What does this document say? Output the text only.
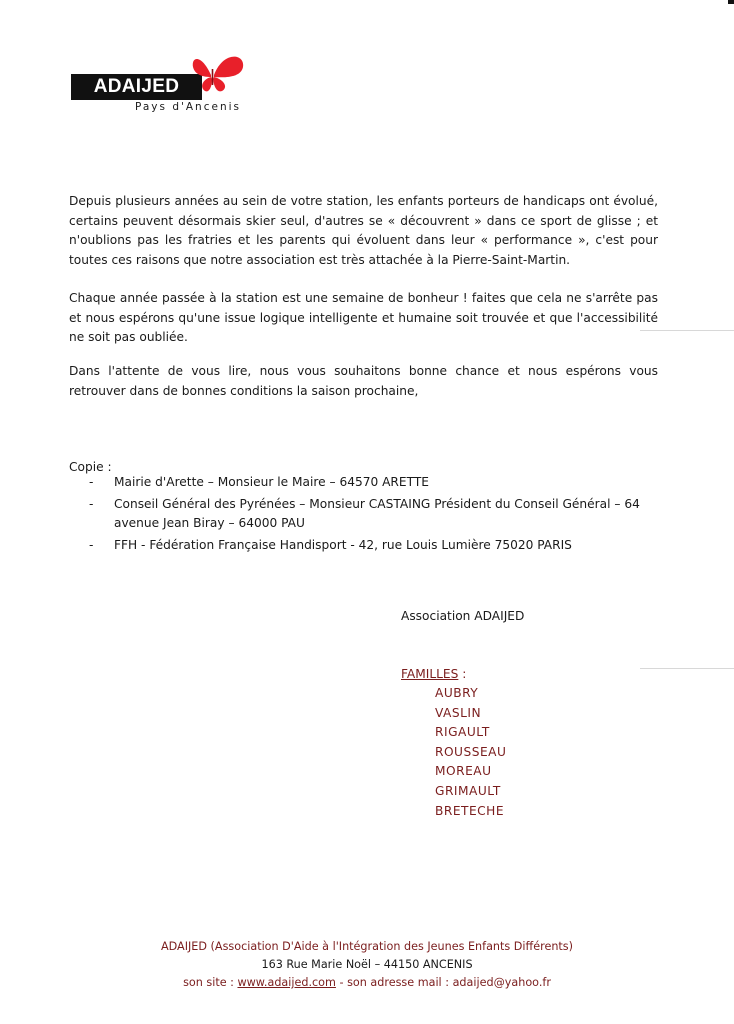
ADAIJED
Pays d'Ancenis

Depuis plusieurs années au sein de votre station, les enfants porteurs de handicaps ont évolué, certains peuvent désormais skier seul, d'autres se « découvrent » dans ce sport de glisse ; et n'oublions pas les fratries et les parents qui évoluent dans leur « performance », c'est pour toutes ces raisons que notre association est très attachée à la Pierre-Saint-Martin.

Chaque année passée à la station est une semaine de bonheur ! faites que cela ne s'arrête pas et nous espérons qu'une issue logique intelligente et humaine soit trouvée et que l'accessibilité ne soit pas oubliée.

Dans l'attente de vous lire, nous vous souhaitons bonne chance et nous espérons vous retrouver dans de bonnes conditions la saison prochaine,

Copie :
- Mairie d'Arette – Monsieur le Maire – 64570 ARETTE
- Conseil Général des Pyrénées – Monsieur CASTAING Président du Conseil Général – 64 avenue Jean Biray – 64000 PAU
- FFH - Fédération Française Handisport - 42, rue Louis Lumière 75020 PARIS
Association ADAIJED
FAMILLES :
AUBRY
VASLIN
RIGAULT
ROUSSEAU
MOREAU
GRIMAULT
BRETECHE
ADAIJED (Association D'Aide à l'Intégration des Jeunes Enfants Différents)
163 Rue Marie Noël – 44150 ANCENIS
son site : www.adaijed.com - son adresse mail : adaijed@yahoo.fr
